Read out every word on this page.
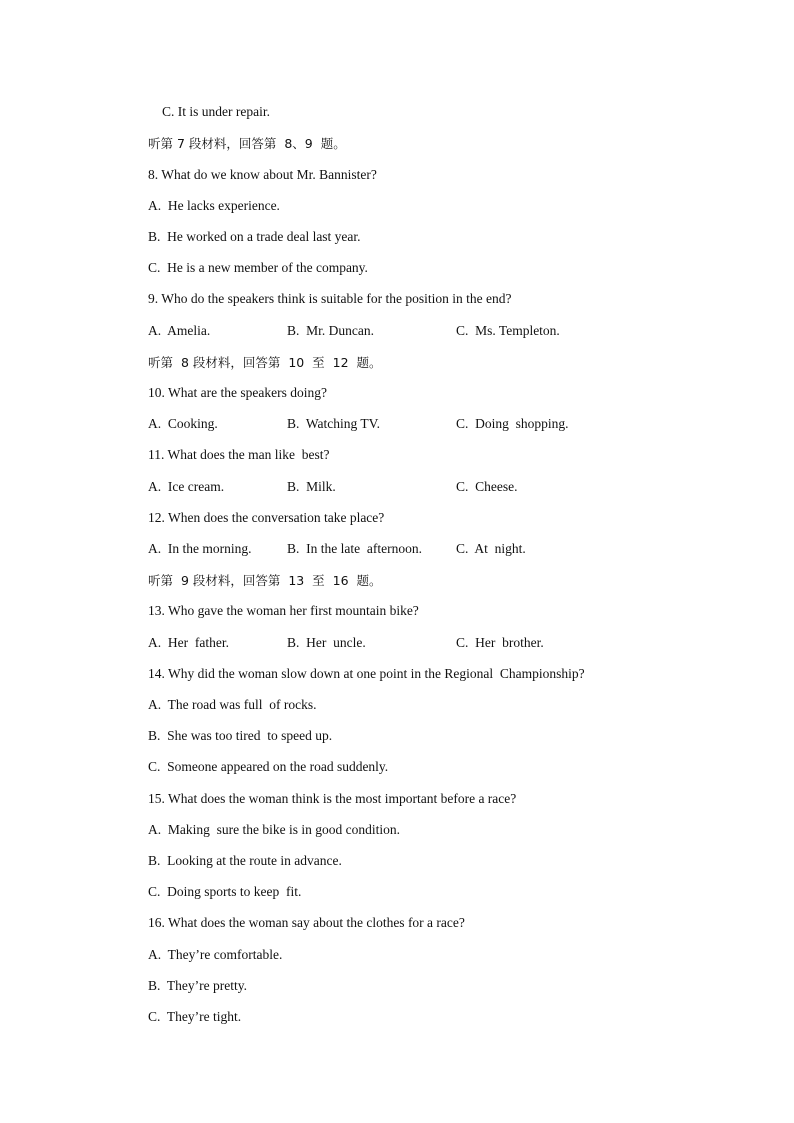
C. It is under repair.
听第 7 段材料，回答第  8、9  题。
8. What do we know about Mr. Bannister?
A.  He lacks experience.
B.  He worked on a trade deal last year.
C.  He is a new member of the company.
9. Who do the speakers think is suitable for the position in the end?
A.  Amelia.	B.  Mr. Duncan.	C.  Ms. Templeton.
听第  8 段材料，回答第  10  至  12  题。
10. What are the speakers doing?
A.  Cooking.	B.  Watching TV.	C.  Doing  shopping.
11. What does the man like  best?
A.  Ice cream.	B.  Milk.	C.  Cheese.
12. When does the conversation take place?
A.  In the morning.	B.  In the late  afternoon.	C.  At  night.
听第  9 段材料，回答第  13  至  16  题。
13. Who gave the woman her first mountain bike?
A.  Her  father.	B.  Her  uncle.	C.  Her  brother.
14. Why did the woman slow down at one point in the Regional  Championship?
A.  The road was full  of rocks.
B.  She was too tired  to speed up.
C.  Someone appeared on the road suddenly.
15. What does the woman think is the most important before a race?
A.  Making  sure the bike is in good condition.
B.  Looking at the route in advance.
C.  Doing sports to keep  fit.
16. What does the woman say about the clothes for a race?
A.  They’re comfortable.
B.  They’re pretty.
C.  They’re tight.
